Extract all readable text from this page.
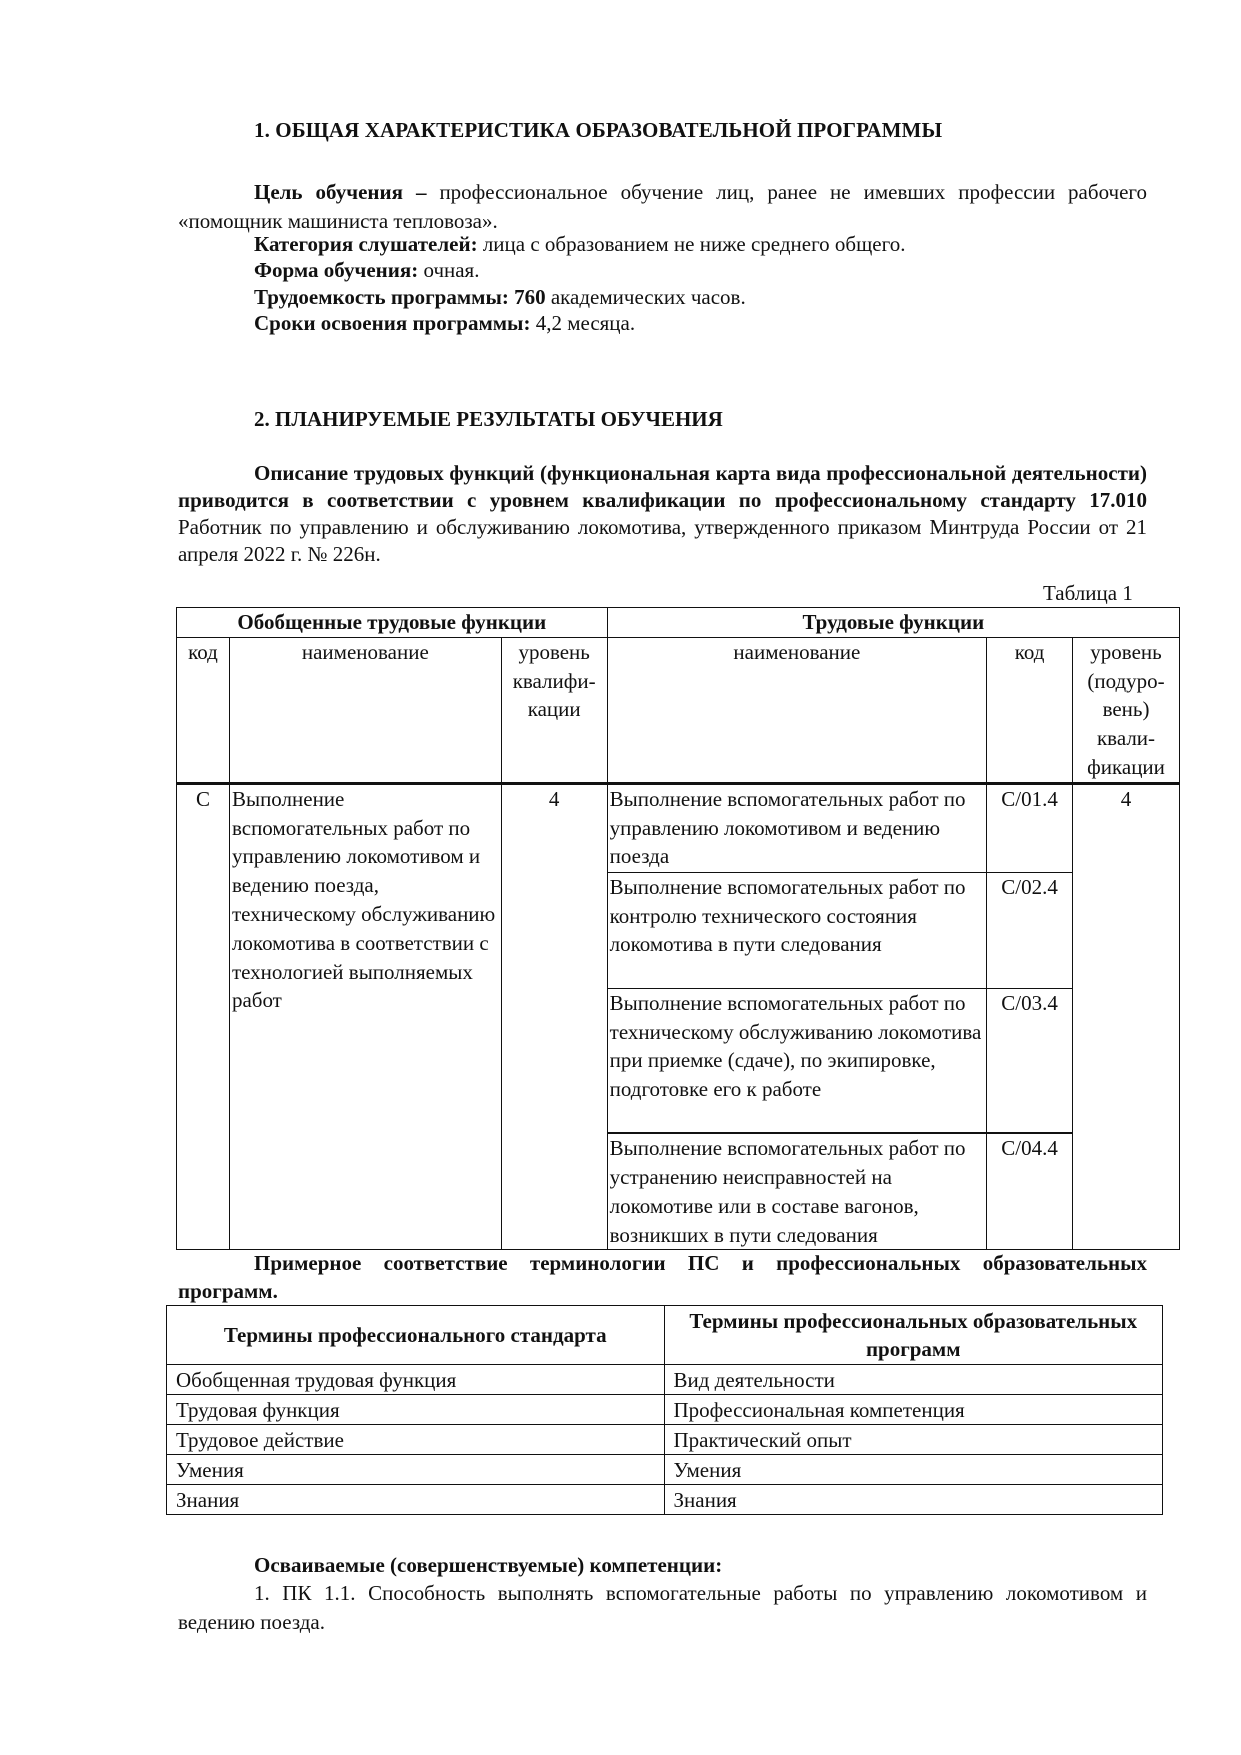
1. ОБЩАЯ ХАРАКТЕРИСТИКА ОБРАЗОВАТЕЛЬНОЙ ПРОГРАММЫ
Цель обучения – профессиональное обучение лиц, ранее не имевших профессии рабочего «помощник машиниста тепловоза».
Категория слушателей: лица с образованием не ниже среднего общего.
Форма обучения: очная.
Трудоемкость программы: 760 академических часов.
Сроки освоения программы: 4,2 месяца.
2. ПЛАНИРУЕМЫЕ РЕЗУЛЬТАТЫ ОБУЧЕНИЯ
Описание трудовых функций (функциональная карта вида профессиональной деятельности) приводится в соответствии с уровнем квалификации по профессиональному стандарту 17.010 Работник по управлению и обслуживанию локомотива, утвержденного приказом Минтруда России от 21 апреля 2022 г. № 226н.
Таблица 1
Обобщенные трудовые функции			Трудовые функции		
код	наименование	уровень квалифи-кации	наименование	код	уровень (подуро-вень) квали-фикации
С	Выполнение вспомогательных работ по управлению локомотивом и ведению поезда, техническому обслуживанию локомотива в соответствии с технологией выполняемых работ	4	Выполнение вспомогательных работ по управлению локомотивом и ведению поезда	С/01.4	4
			Выполнение вспомогательных работ по контролю технического состояния локомотива в пути следования	С/02.4	
			Выполнение вспомогательных работ по техническому обслуживанию локомотива при приемке (сдаче), по экипировке, подготовке его к работе	С/03.4	
			Выполнение вспомогательных работ по устранению неисправностей на локомотиве или в составе вагонов, возникших в пути следования	С/04.4	
Примерное соответствие терминологии ПС и профессиональных образовательных программ.
Термины профессионального стандарта	Термины профессиональных образовательных программ
Обобщенная трудовая функция	Вид деятельности
Трудовая функция	Профессиональная компетенция
Трудовое действие	Практический опыт
Умения	Умения
Знания	Знания
Осваиваемые (совершенствуемые) компетенции:
1. ПК 1.1. Способность выполнять вспомогательные работы по управлению локомотивом и ведению поезда.
